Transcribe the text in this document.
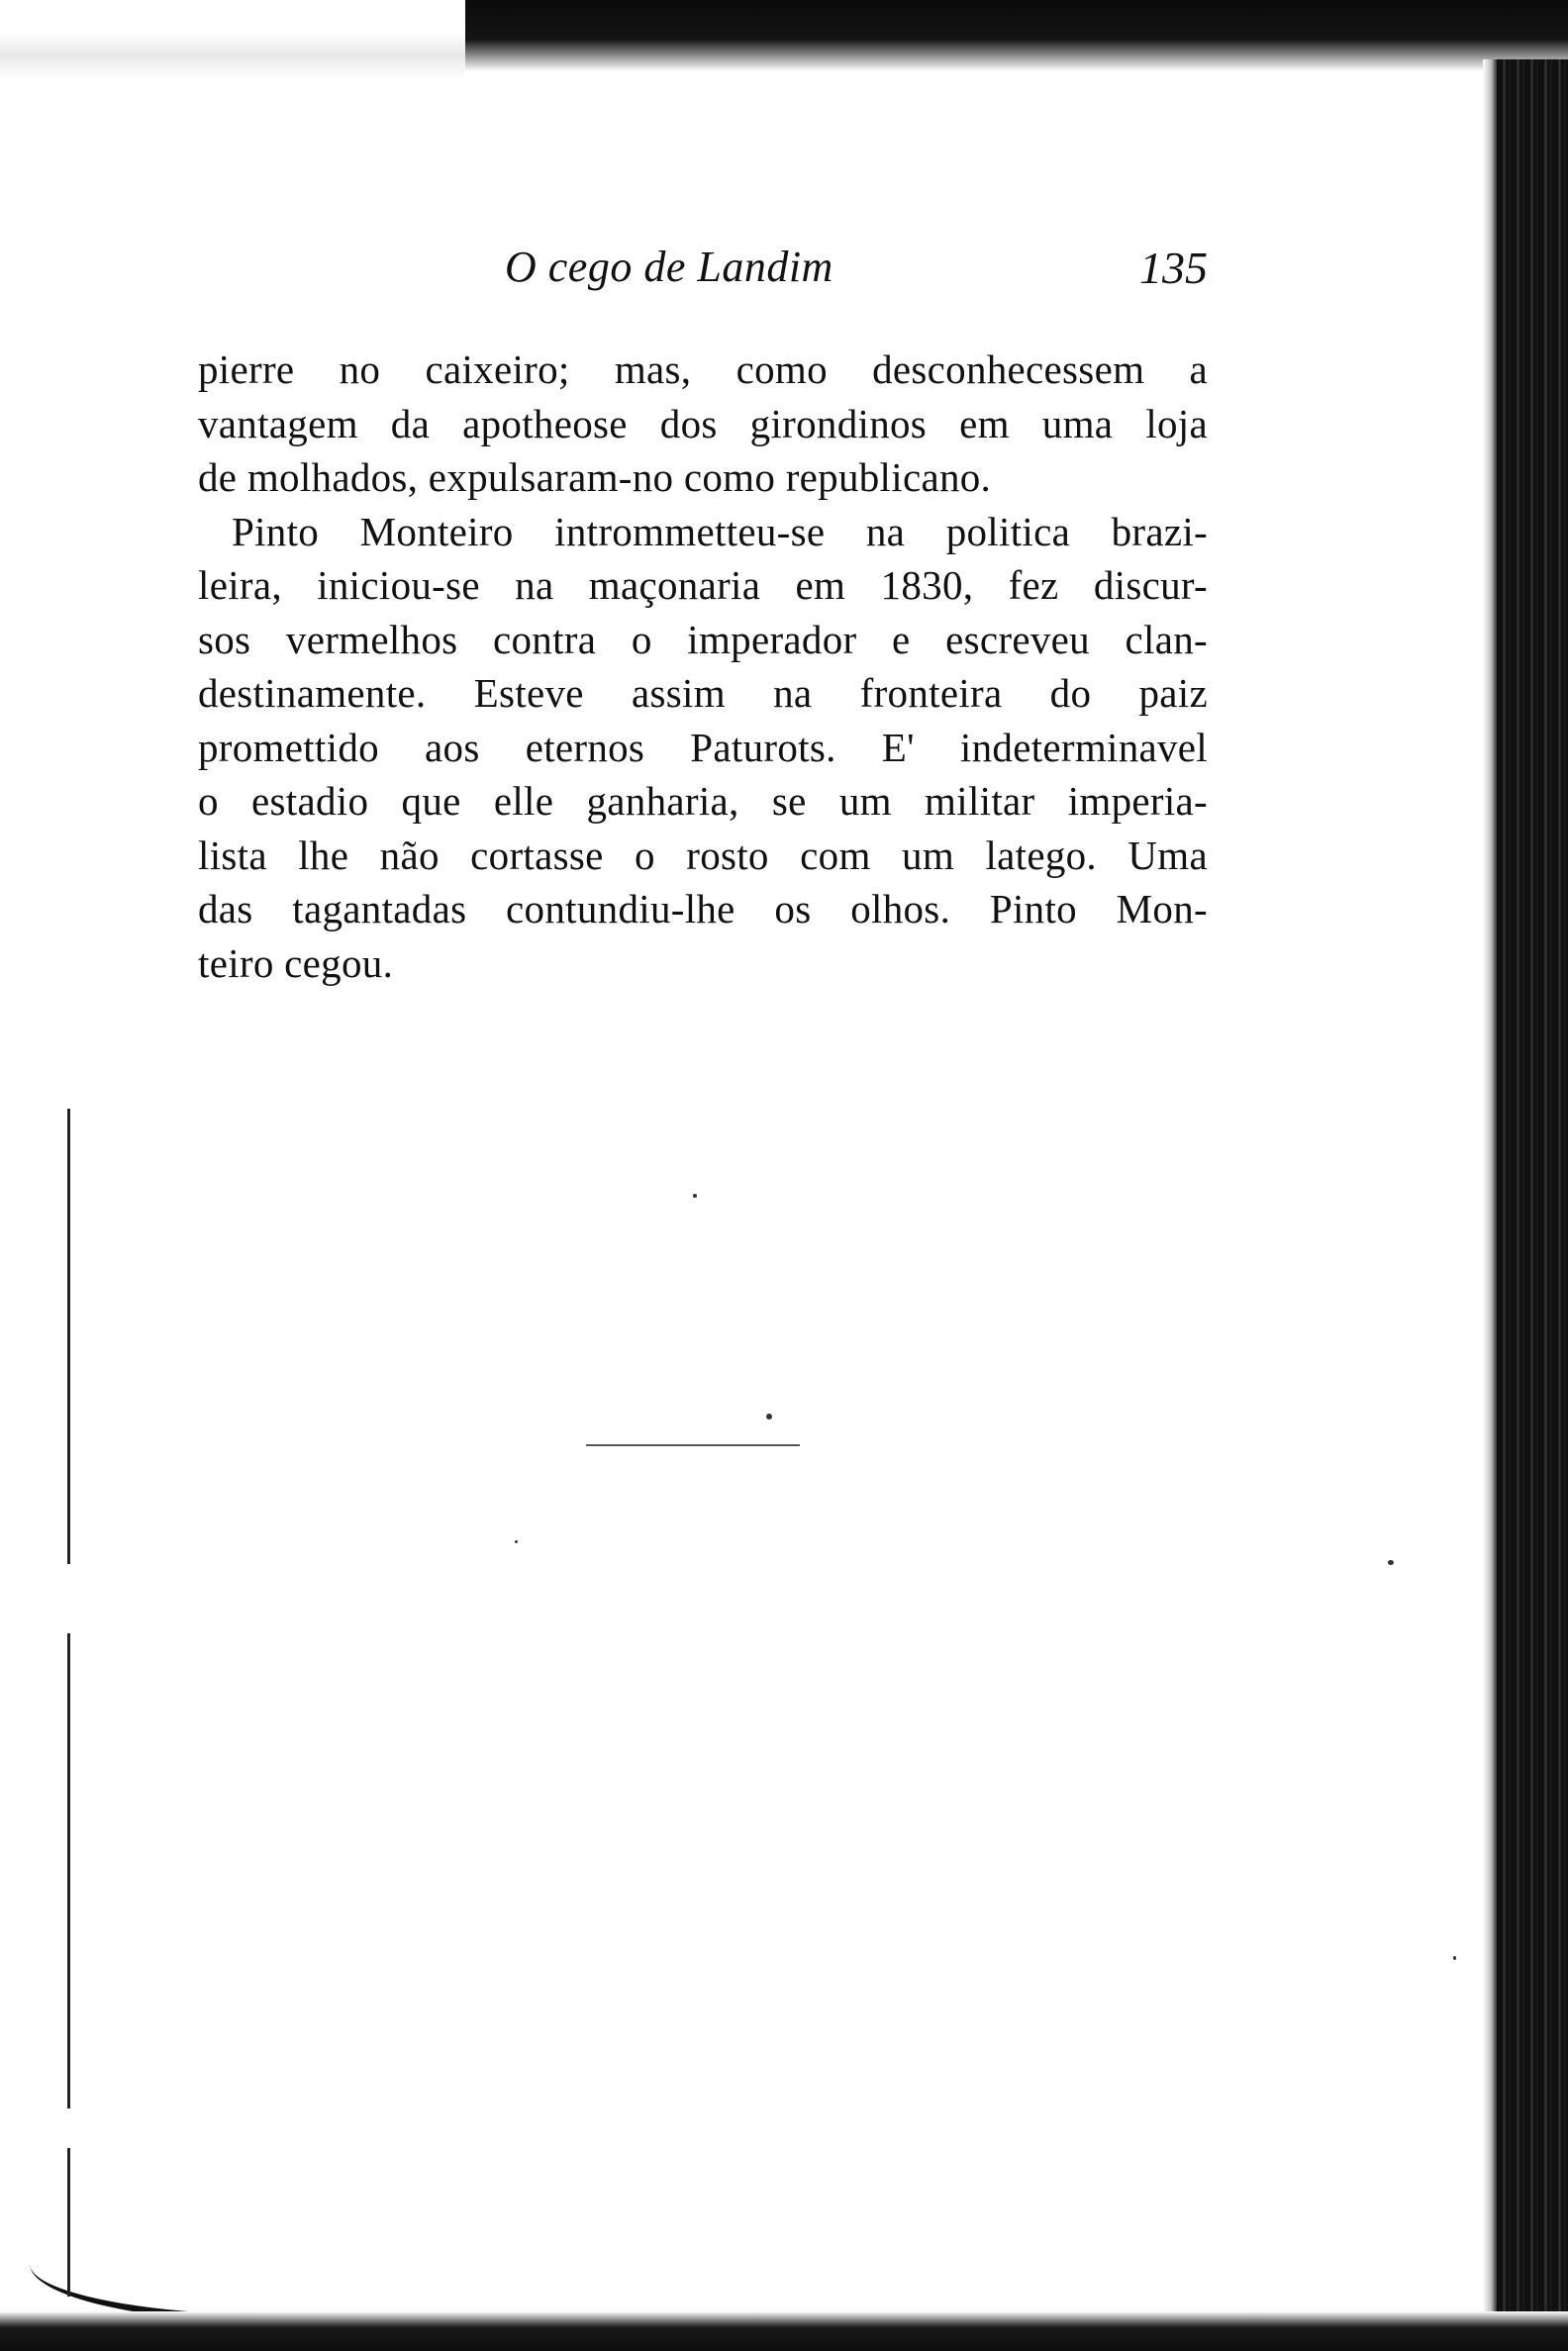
O cego de Landim	135
pierre no caixeiro; mas, como desconhecessem a
vantagem da apotheose dos girondinos em uma loja
de molhados, expulsaram-no como republicano.
Pinto Monteiro intrommetteu-se na politica brazi-
leira, iniciou-se na maçonaria em 1830, fez discur-
sos vermelhos contra o imperador e escreveu clan-
destinamente. Esteve assim na fronteira do paiz
promettido aos eternos Paturots. E' indeterminavel
o estadio que elle ganharia, se um militar imperia-
lista lhe não cortasse o rosto com um latego. Uma
das tagantadas contundiu-lhe os olhos. Pinto Mon-
teiro cegou.
